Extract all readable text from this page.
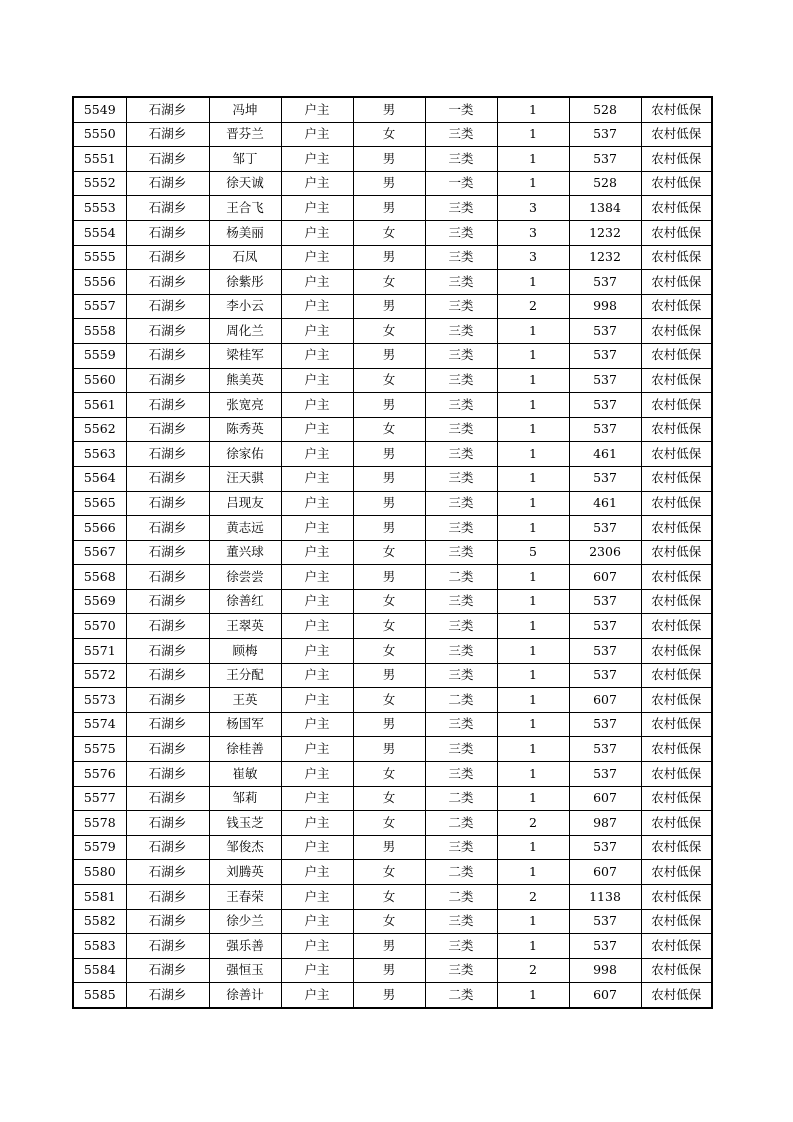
5549	石湖乡	冯坤	户主	男	一类	1	528	农村低保
5550	石湖乡	晋芬兰	户主	女	三类	1	537	农村低保
5551	石湖乡	邹丁	户主	男	三类	1	537	农村低保
5552	石湖乡	徐天诚	户主	男	一类	1	528	农村低保
5553	石湖乡	王合飞	户主	男	三类	3	1384	农村低保
5554	石湖乡	杨美丽	户主	女	三类	3	1232	农村低保
5555	石湖乡	石凤	户主	男	三类	3	1232	农村低保
5556	石湖乡	徐紫彤	户主	女	三类	1	537	农村低保
5557	石湖乡	李小云	户主	男	三类	2	998	农村低保
5558	石湖乡	周化兰	户主	女	三类	1	537	农村低保
5559	石湖乡	梁桂军	户主	男	三类	1	537	农村低保
5560	石湖乡	熊美英	户主	女	三类	1	537	农村低保
5561	石湖乡	张宽亮	户主	男	三类	1	537	农村低保
5562	石湖乡	陈秀英	户主	女	三类	1	537	农村低保
5563	石湖乡	徐家佑	户主	男	三类	1	461	农村低保
5564	石湖乡	汪天骐	户主	男	三类	1	537	农村低保
5565	石湖乡	吕现友	户主	男	三类	1	461	农村低保
5566	石湖乡	黄志远	户主	男	三类	1	537	农村低保
5567	石湖乡	董兴球	户主	女	三类	5	2306	农村低保
5568	石湖乡	徐尝尝	户主	男	二类	1	607	农村低保
5569	石湖乡	徐善红	户主	女	三类	1	537	农村低保
5570	石湖乡	王翠英	户主	女	三类	1	537	农村低保
5571	石湖乡	顾梅	户主	女	三类	1	537	农村低保
5572	石湖乡	王分配	户主	男	三类	1	537	农村低保
5573	石湖乡	王英	户主	女	二类	1	607	农村低保
5574	石湖乡	杨国军	户主	男	三类	1	537	农村低保
5575	石湖乡	徐桂善	户主	男	三类	1	537	农村低保
5576	石湖乡	崔敏	户主	女	三类	1	537	农村低保
5577	石湖乡	邹莉	户主	女	二类	1	607	农村低保
5578	石湖乡	钱玉芝	户主	女	二类	2	987	农村低保
5579	石湖乡	邹俊杰	户主	男	三类	1	537	农村低保
5580	石湖乡	刘腾英	户主	女	二类	1	607	农村低保
5581	石湖乡	王春荣	户主	女	二类	2	1138	农村低保
5582	石湖乡	徐少兰	户主	女	三类	1	537	农村低保
5583	石湖乡	强乐善	户主	男	三类	1	537	农村低保
5584	石湖乡	强恒玉	户主	男	三类	2	998	农村低保
5585	石湖乡	徐善计	户主	男	二类	1	607	农村低保
